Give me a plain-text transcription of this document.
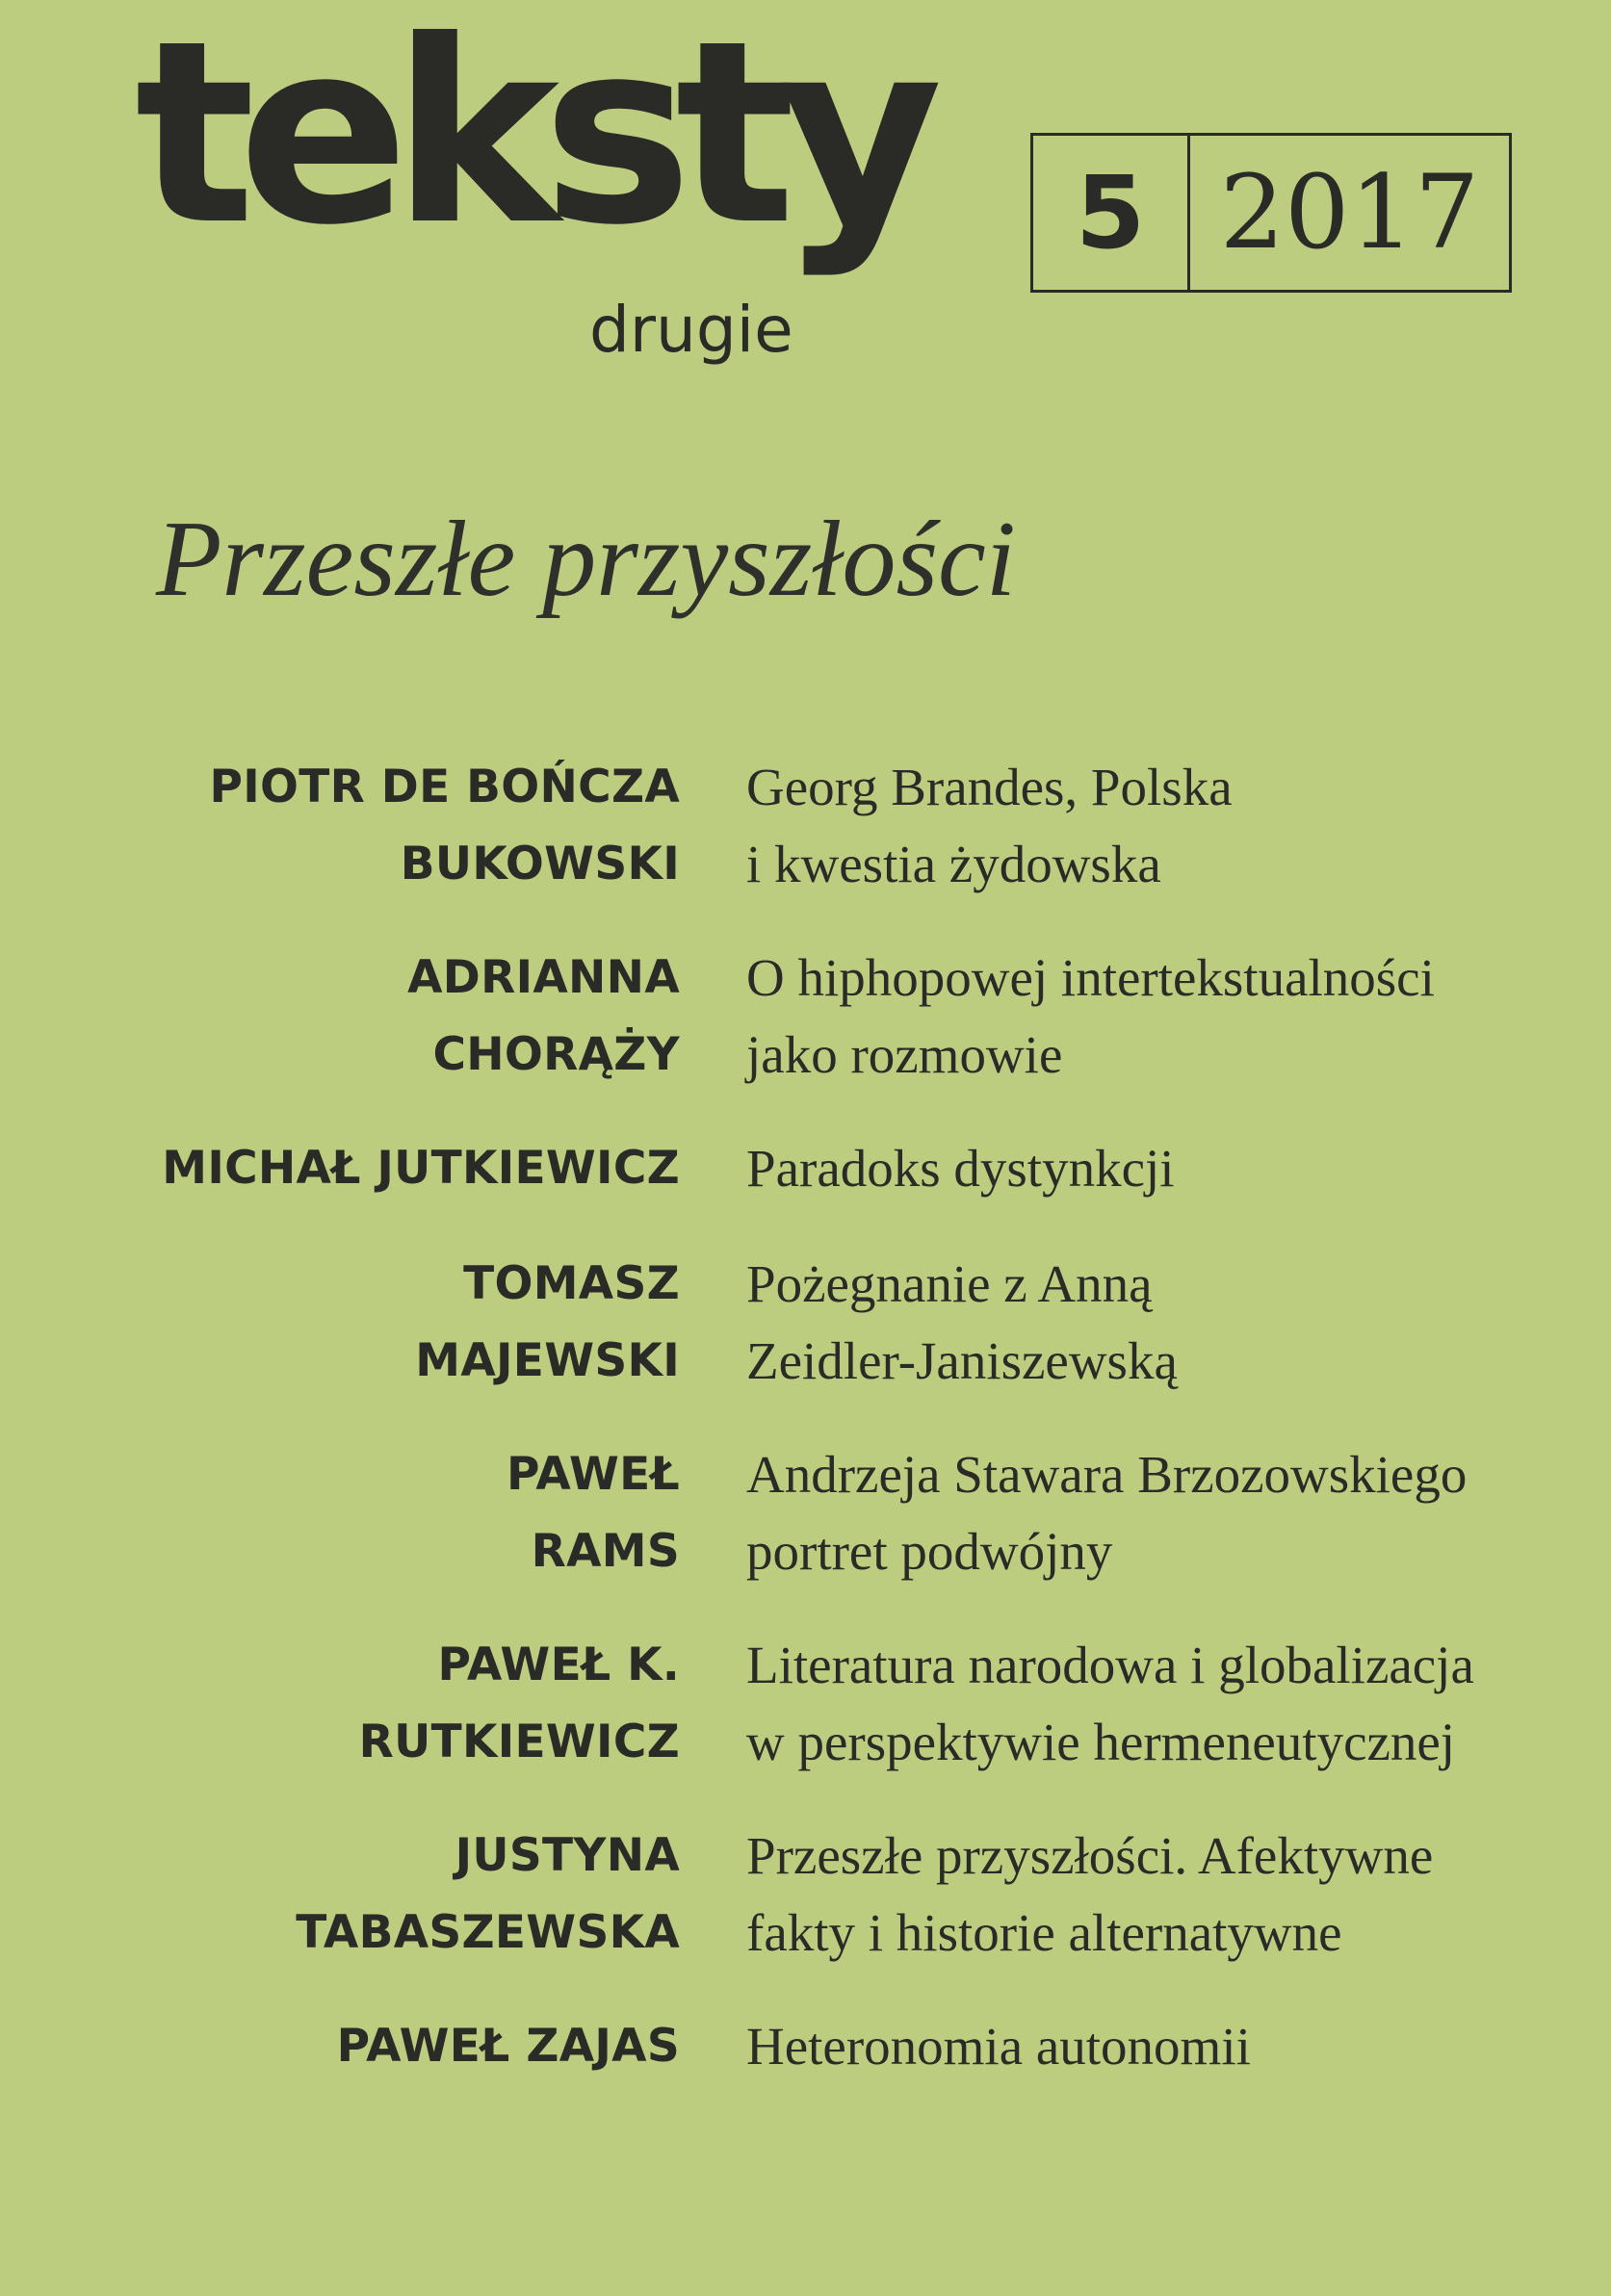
teksty
drugie
5 2017
Przeszłe przyszłości
PIOTR DE BOŃCZA
BUKOWSKI
Georg Brandes, Polska
i kwestia żydowska
ADRIANNA
CHORĄŻY
O hiphopowej intertekstualności
jako rozmowie
MICHAŁ JUTKIEWICZ Paradoks dystynkcji
TOMASZ
MAJEWSKI
Pożegnanie z Anną
Zeidler-Janiszewską
PAWEŁ
RAMS
Andrzeja Stawara Brzozowskiego
portret podwójny
PAWEŁ K.
RUTKIEWICZ
Literatura narodowa i globalizacja
w perspektywie hermeneutycznej
JUSTYNA
TABASZEWSKA
Przeszłe przyszłości. Afektywne
fakty i historie alternatywne
PAWEŁ ZAJAS Heteronomia autonomii
